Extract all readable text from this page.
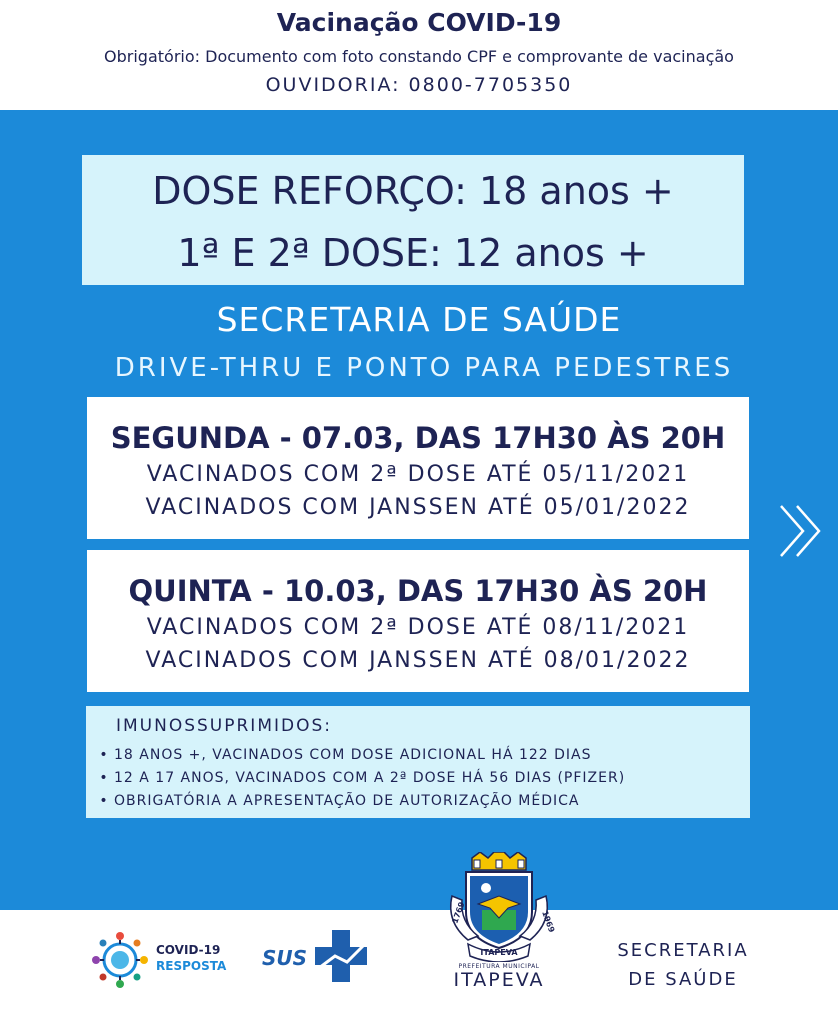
Vacinação COVID-19
Obrigatório: Documento com foto constando CPF e comprovante de vacinação
OUVIDORIA: 0800-7705350
DOSE REFORÇO: 18 anos +
1ª E 2ª DOSE: 12 anos +
SECRETARIA DE SAÚDE
DRIVE-THRU E PONTO PARA PEDESTRES
SEGUNDA - 07.03, DAS 17H30 ÀS 20H
VACINADOS COM 2ª DOSE ATÉ 05/11/2021
VACINADOS COM JANSSEN ATÉ 05/01/2022
QUINTA - 10.03, DAS 17H30 ÀS 20H
VACINADOS COM 2ª DOSE ATÉ 08/11/2021
VACINADOS COM JANSSEN ATÉ 08/01/2022
IMUNOSSUPRIMIDOS:
• 18 ANOS +, VACINADOS COM DOSE ADICIONAL HÁ 122 DIAS
• 12 A 17 ANOS, VACINADOS COM A 2ª DOSE HÁ 56 DIAS (PFIZER)
• OBRIGATÓRIA A APRESENTAÇÃO DE AUTORIZAÇÃO MÉDICA
COVID-19
RESPOSTA SUS
1769	1969
ITAPEVA
PREFEITURA MUNICIPAL
ITAPEVA
SECRETARIA
DE SAÚDE
